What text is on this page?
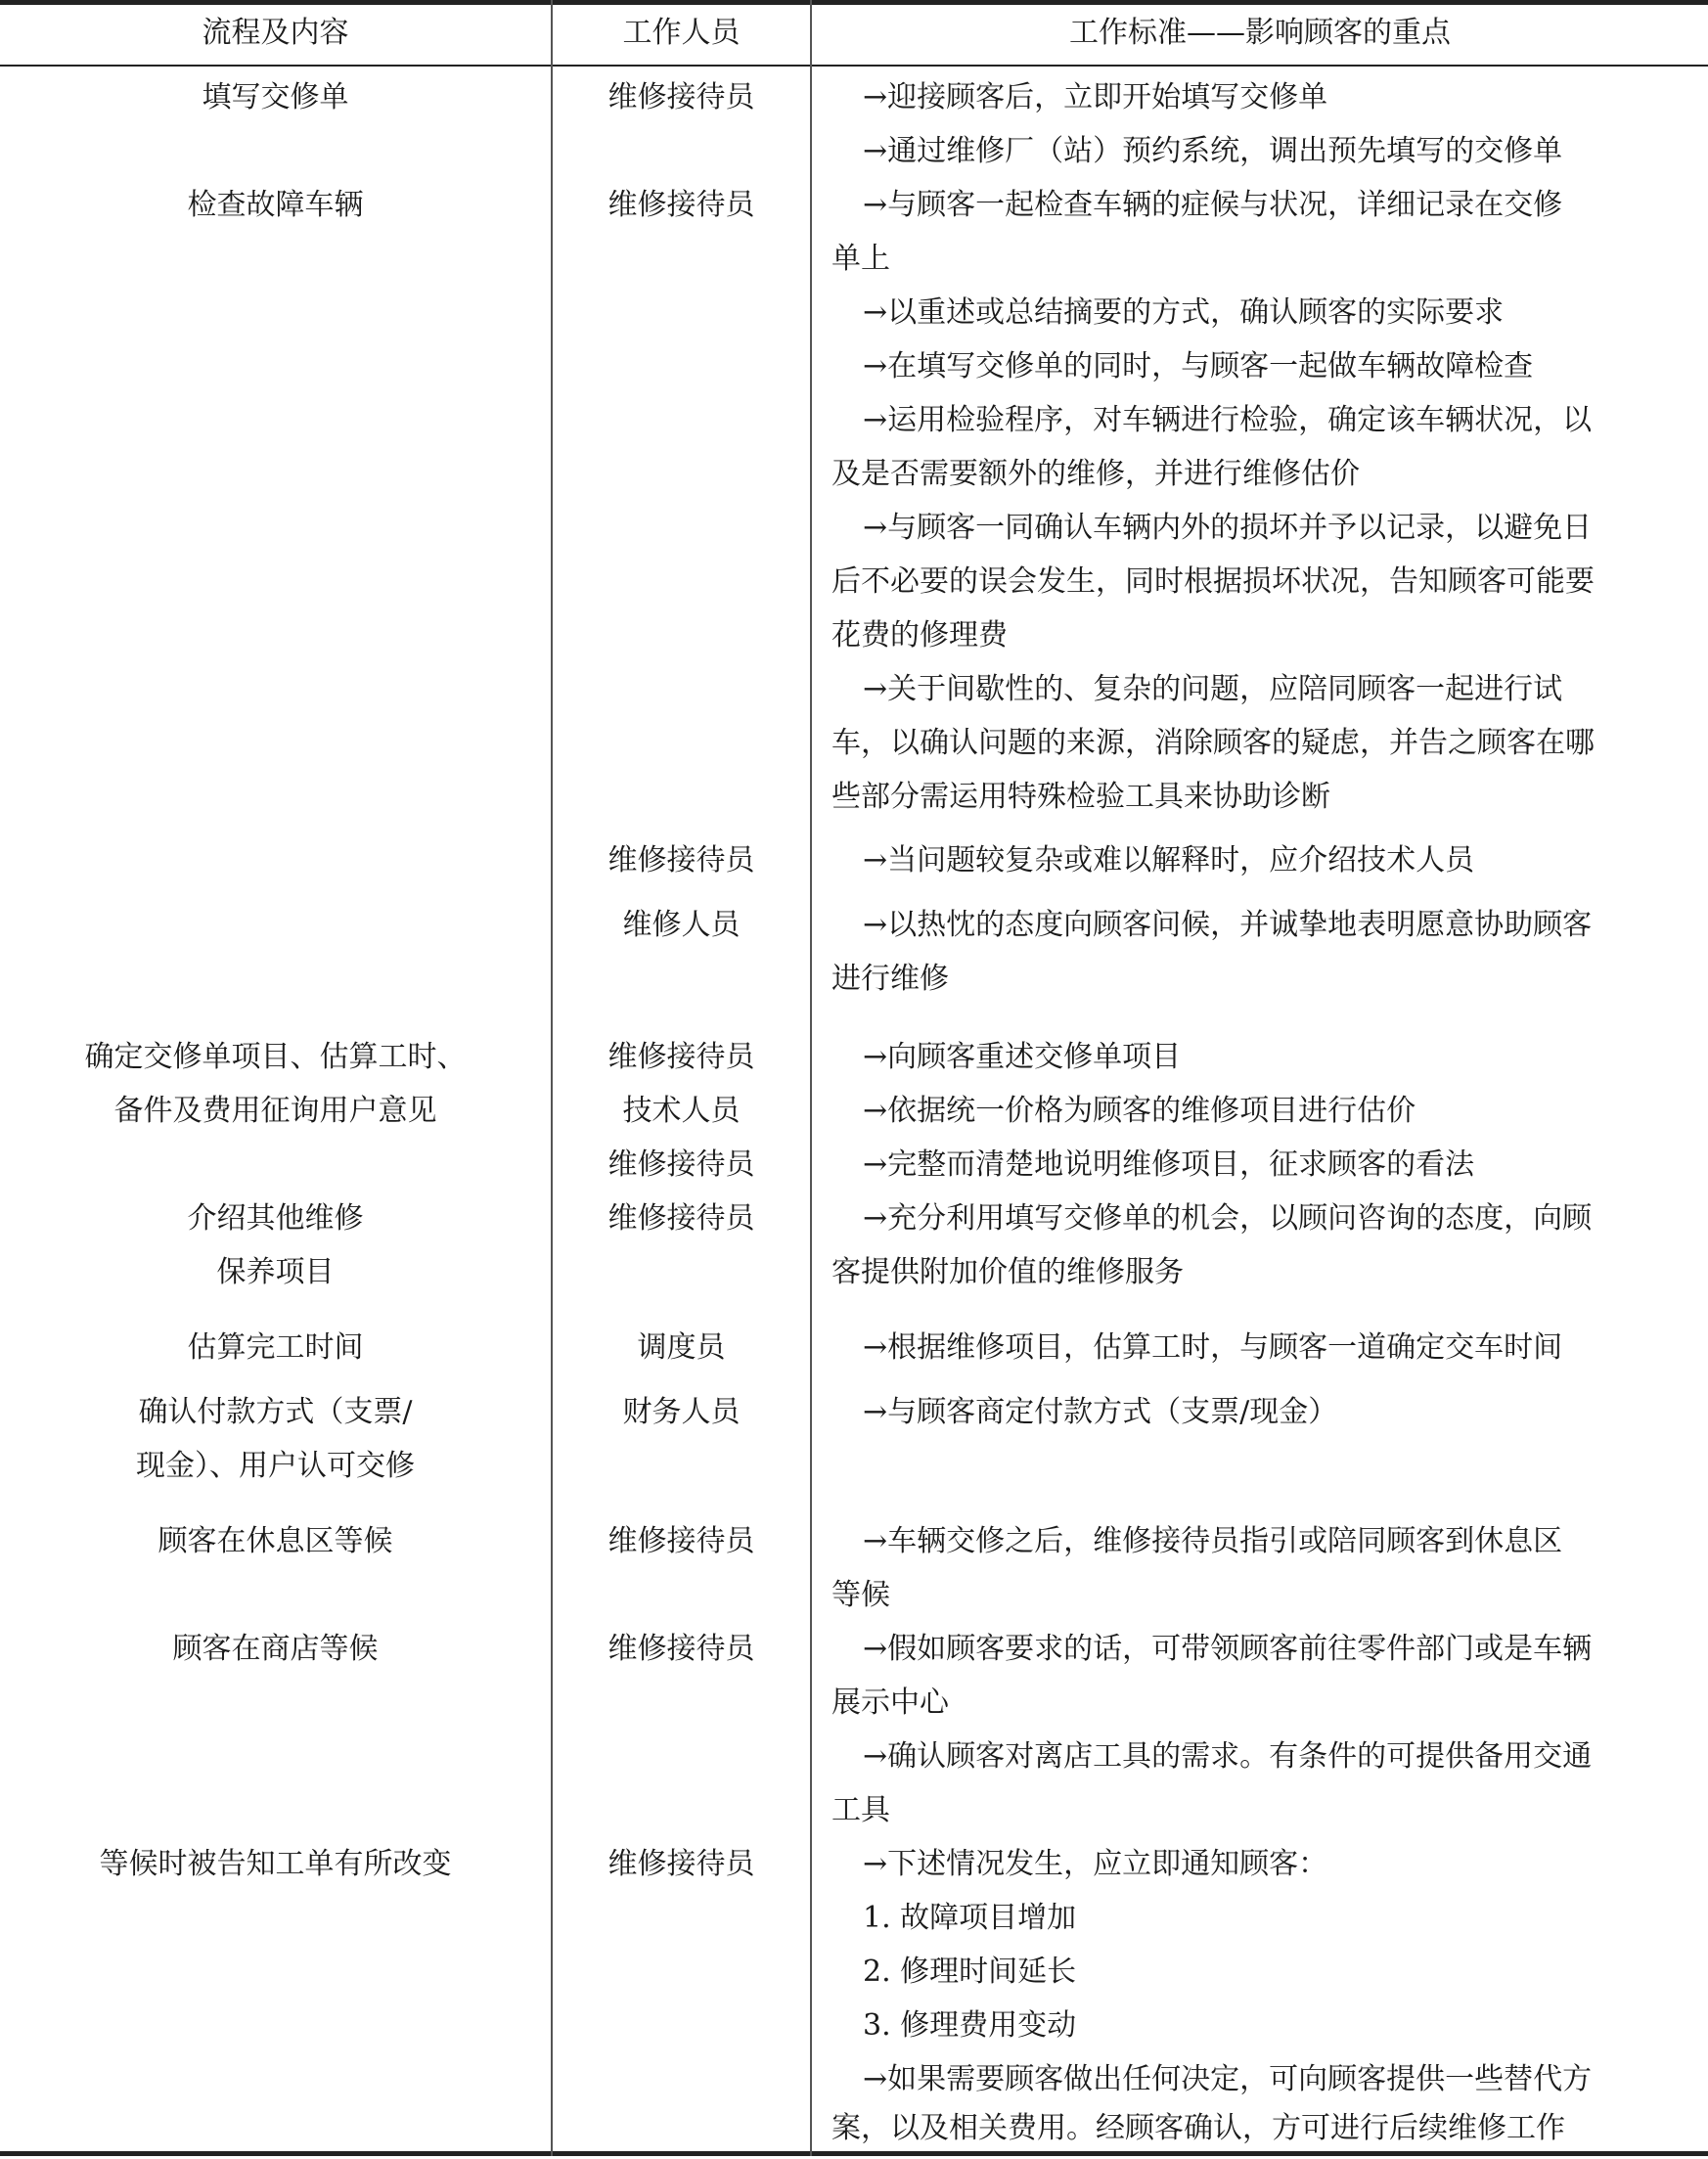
流程及内容	工作人员	工作标准——影响顾客的重点
填写交修单
检查故障车辆
确定交修单项目、估算工时、
备件及费用征询用户意见
介绍其他维修
保养项目
估算完工时间
确认付款方式（支票/
现金）、用户认可交修
顾客在休息区等候
顾客在商店等候
等候时被告知工单有所改变
维修接待员
维修接待员
维修接待员
维修人员
维修接待员
技术人员
维修接待员
维修接待员
调度员
财务人员
维修接待员
维修接待员
维修接待员
→迎接顾客后，立即开始填写交修单
→通过维修厂（站）预约系统，调出预先填写的交修单
→与顾客一起检查车辆的症候与状况，详细记录在交修
单上
→以重述或总结摘要的方式，确认顾客的实际要求
→在填写交修单的同时，与顾客一起做车辆故障检查
→运用检验程序，对车辆进行检验，确定该车辆状况，以
及是否需要额外的维修，并进行维修估价
→与顾客一同确认车辆内外的损坏并予以记录，以避免日
后不必要的误会发生，同时根据损坏状况，告知顾客可能要
花费的修理费
→关于间歇性的、复杂的问题，应陪同顾客一起进行试
车，以确认问题的来源，消除顾客的疑虑，并告之顾客在哪
些部分需运用特殊检验工具来协助诊断
→当问题较复杂或难以解释时，应介绍技术人员
→以热忱的态度向顾客问候，并诚挚地表明愿意协助顾客
进行维修
→向顾客重述交修单项目
→依据统一价格为顾客的维修项目进行估价
→完整而清楚地说明维修项目，征求顾客的看法
→充分利用填写交修单的机会，以顾问咨询的态度，向顾
客提供附加价值的维修服务
→根据维修项目，估算工时，与顾客一道确定交车时间
→与顾客商定付款方式（支票/现金）
→车辆交修之后，维修接待员指引或陪同顾客到休息区
等候
→假如顾客要求的话，可带领顾客前往零件部门或是车辆
展示中心
→确认顾客对离店工具的需求。有条件的可提供备用交通
工具
→下述情况发生，应立即通知顾客：
1. 故障项目增加
2. 修理时间延长
3. 修理费用变动
→如果需要顾客做出任何决定，可向顾客提供一些替代方
案，以及相关费用。经顾客确认，方可进行后续维修工作
